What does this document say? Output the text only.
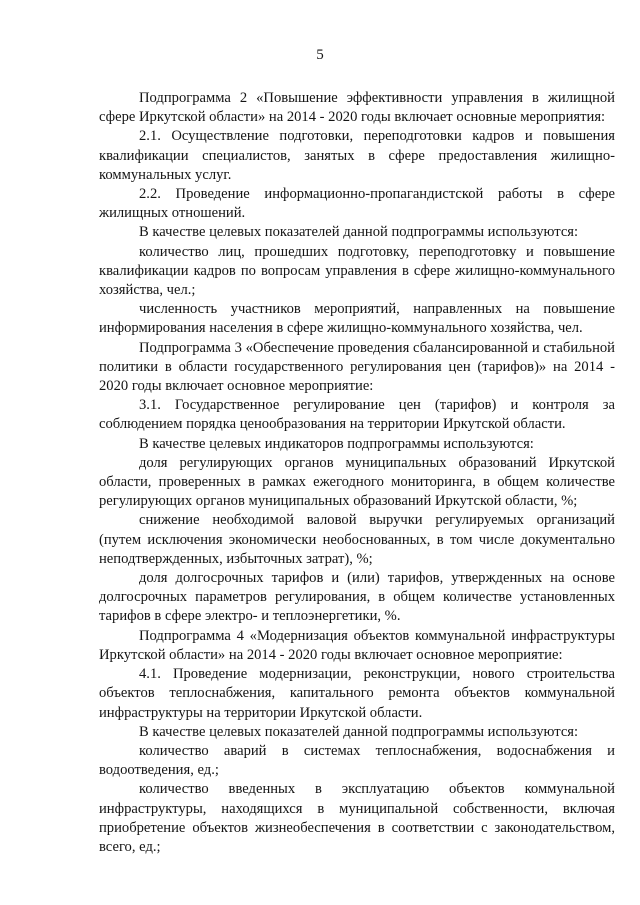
5

Подпрограмма 2 «Повышение эффективности управления в жилищной сфере Иркутской области» на 2014 - 2020 годы включает основные мероприятия:

2.1. Осуществление подготовки, переподготовки кадров и повышения квалификации специалистов, занятых в сфере предоставления жилищно-коммунальных услуг.

2.2. Проведение информационно-пропагандистской работы в сфере жилищных отношений.

В качестве целевых показателей данной подпрограммы используются:

количество лиц, прошедших подготовку, переподготовку и повышение квалификации кадров по вопросам управления в сфере жилищно-коммунального хозяйства, чел.;

численность участников мероприятий, направленных на повышение информирования населения в сфере жилищно-коммунального хозяйства, чел.

Подпрограмма 3 «Обеспечение проведения сбалансированной и стабильной политики в области государственного регулирования цен (тарифов)» на 2014 - 2020 годы включает основное мероприятие:

3.1. Государственное регулирование цен (тарифов) и контроля за соблюдением порядка ценообразования на территории Иркутской области.

В качестве целевых индикаторов подпрограммы используются:

доля регулирующих органов муниципальных образований Иркутской области, проверенных в рамках ежегодного мониторинга, в общем количестве регулирующих органов муниципальных образований Иркутской области, %;

снижение необходимой валовой выручки регулируемых организаций (путем исключения экономически необоснованных, в том числе документально неподтвержденных, избыточных затрат), %;

доля долгосрочных тарифов и (или) тарифов, утвержденных на основе долгосрочных параметров регулирования, в общем количестве установленных тарифов в сфере электро- и теплоэнергетики, %.

Подпрограмма 4 «Модернизация объектов коммунальной инфраструктуры Иркутской области» на 2014 - 2020 годы включает основное мероприятие:

4.1. Проведение модернизации, реконструкции, нового строительства объектов теплоснабжения, капитального ремонта объектов коммунальной инфраструктуры на территории Иркутской области.

В качестве целевых показателей данной подпрограммы используются:

количество аварий в системах теплоснабжения, водоснабжения и водоотведения, ед.;

количество введенных в эксплуатацию объектов коммунальной инфраструктуры, находящихся в муниципальной собственности, включая приобретение объектов жизнеобеспечения в соответствии с законодательством, всего, ед.;
